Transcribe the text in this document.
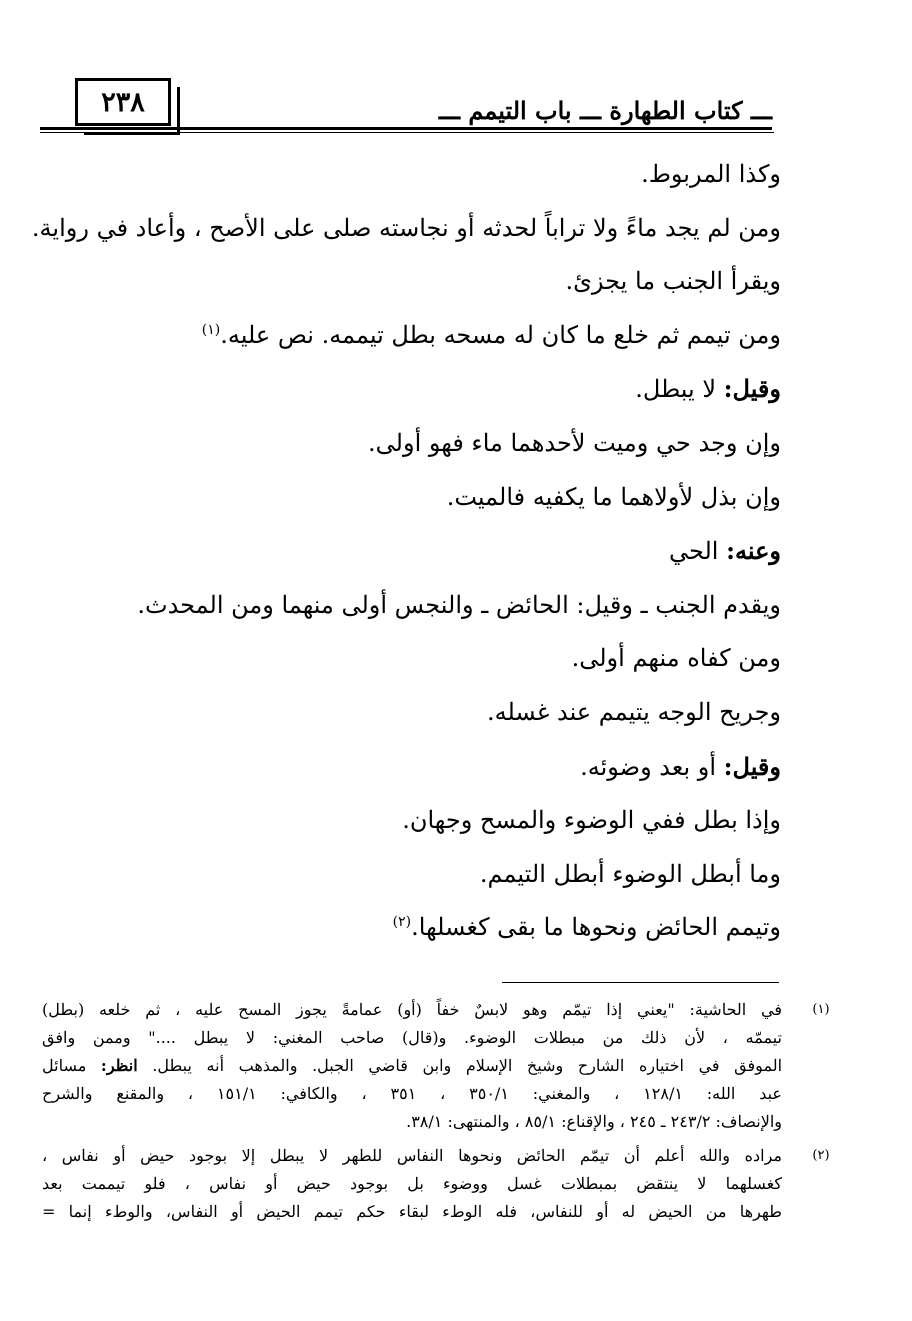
٢٣٨	ـــ كتاب الطهارة ـــ باب التيمم ـــ

وكذا المربوط.

ومن لم يجد ماءً ولا تراباً لحدثه أو نجاسته صلى على الأصح ، وأعاد في رواية.

ويقرأ الجنب ما يجزئ.

ومن تيمم ثم خلع ما كان له مسحه بطل تيممه. نص عليه.$^{(١)}$

وقيل: لا يبطل.

وإن وجد حي وميت لأحدهما ماء فهو أولى.

وإن بذل لأولاهما ما يكفيه فالميت.

وعنه: الحي

ويقدم الجنب ـ وقيل: الحائض ـ والنجس أولى منهما ومن المحدث.

ومن كفاه منهم أولى.

وجريح الوجه يتيمم عند غسله.

وقيل: أو بعد وضوئه.

وإذا بطل ففي الوضوء والمسح وجهان.

وما أبطل الوضوء أبطل التيمم.

وتيمم الحائض ونحوها ما بقى كغسلها.$^{(٢)}$

(١)
في الحاشية: "يعني إذا تيمّم وهو لابسٌ خفاً (أو) عمامةً يجوز المسح عليه ، ثم خلعه (بطل)
تيممّه ، لأن ذلك من مبطلات الوضوء. و(قال) صاحب المغني: لا يبطل ...." وممن وافق
الموفق في اختياره الشارح وشيخ الإسلام وابن قاضي الجبل. والمذهب أنه يبطل. انظر: مسائل
عبد الله: ١٢٨/١ ، والمغني: ٣٥٠/١ ، ٣٥١ ، والكافي: ١٥١/١ ، والمقنع والشرح
والإنصاف: ٢٤٣/٢ ـ ٢٤٥ ، والإقناع: ٨٥/١ ، والمنتهى: ٣٨/١.
(٢)
مراده والله أعلم أن تيمّم الحائض ونحوها النفاس للطهر لا يبطل إلا بوجود حيض أو نفاس ،
كغسلهما لا ينتقض بمبطلات غسل ووضوء بل بوجود حيض أو نفاس ، فلو تيممت بعد
طهرها من الحيض له أو للنفاس، فله الوطء لبقاء حكم تيمم الحيض أو النفاس، والوطء إنما =
